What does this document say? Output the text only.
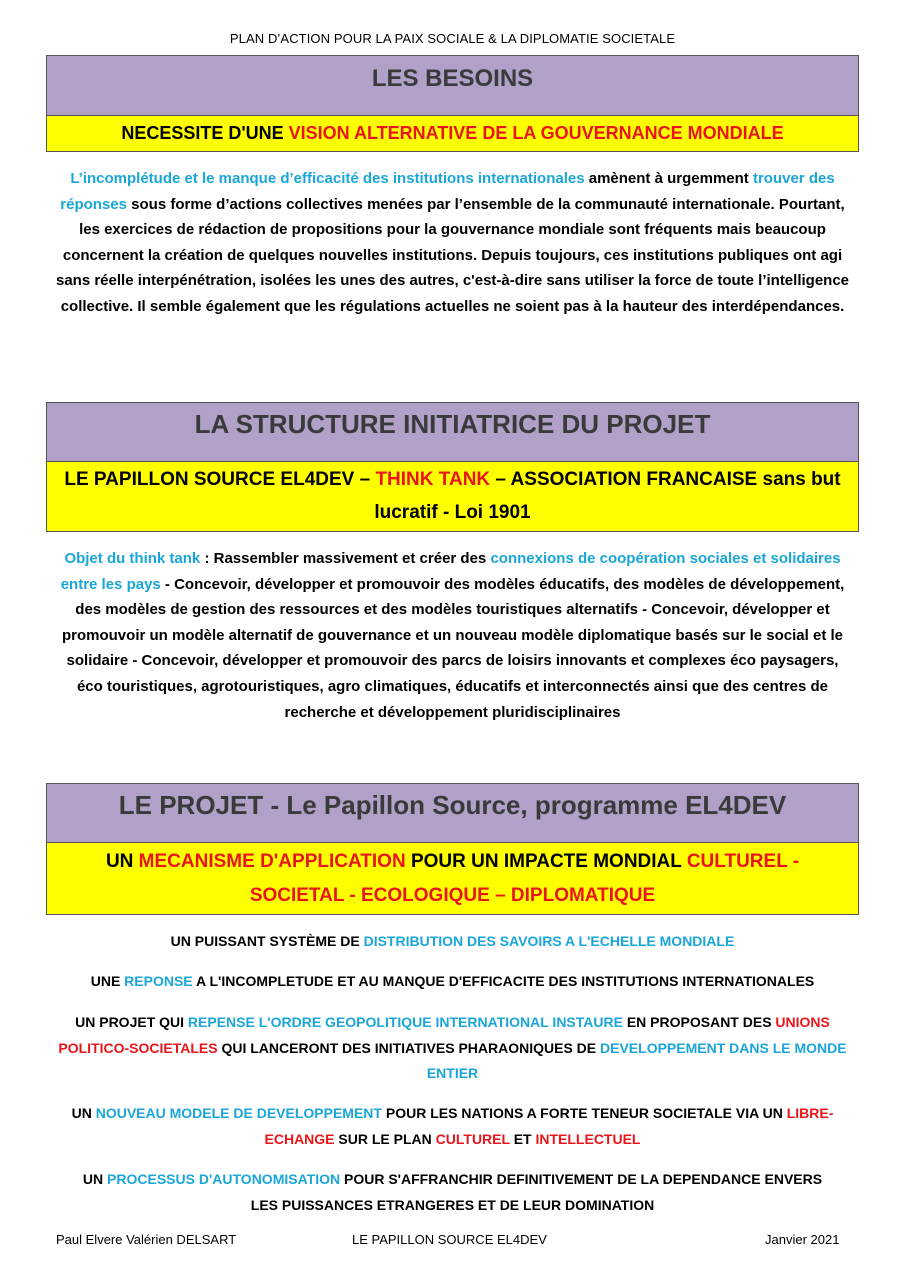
PLAN D’ACTION POUR LA PAIX SOCIALE & LA DIPLOMATIE SOCIETALE
LES BESOINS
NECESSITE D'UNE VISION ALTERNATIVE DE LA GOUVERNANCE MONDIALE
L’incomplétude et le manque d’efficacité des institutions internationales amènent à urgemment trouver des réponses sous forme d’actions collectives menées par l’ensemble de la communauté internationale. Pourtant, les exercices de rédaction de propositions pour la gouvernance mondiale sont fréquents mais beaucoup concernent la création de quelques nouvelles institutions. Depuis toujours, ces institutions publiques ont agi sans réelle interpénétration, isolées les unes des autres, c'est-à-dire sans utiliser la force de toute l’intelligence collective. Il semble également que les régulations actuelles ne soient pas à la hauteur des interdépendances.
LA STRUCTURE INITIATRICE DU PROJET
LE PAPILLON SOURCE EL4DEV – THINK TANK – ASSOCIATION FRANCAISE sans but lucratif - Loi 1901
Objet du think tank : Rassembler massivement et créer des connexions de coopération sociales et solidaires entre les pays - Concevoir, développer et promouvoir des modèles éducatifs, des modèles de développement, des modèles de gestion des ressources et des modèles touristiques alternatifs - Concevoir, développer et promouvoir un modèle alternatif de gouvernance et un nouveau modèle diplomatique basés sur le social et le solidaire - Concevoir, développer et promouvoir des parcs de loisirs innovants et complexes éco paysagers, éco touristiques, agrotouristiques, agro climatiques, éducatifs et interconnectés ainsi que des centres de recherche et développement pluridisciplinaires
LE PROJET - Le Papillon Source, programme EL4DEV
UN MECANISME D'APPLICATION POUR UN IMPACTE MONDIAL CULTUREL - SOCIETAL - ECOLOGIQUE – DIPLOMATIQUE
UN PUISSANT SYSTÈME DE DISTRIBUTION DES SAVOIRS A L'ECHELLE MONDIALE
UNE REPONSE A L'INCOMPLETUDE ET AU MANQUE D'EFFICACITE DES INSTITUTIONS INTERNATIONALES
UN PROJET QUI REPENSE L'ORDRE GEOPOLITIQUE INTERNATIONAL INSTAURE EN PROPOSANT DES UNIONS POLITICO-SOCIETALES QUI LANCERONT DES INITIATIVES PHARAONIQUES DE DEVELOPPEMENT DANS LE MONDE ENTIER
UN NOUVEAU MODELE DE DEVELOPPEMENT POUR LES NATIONS A FORTE TENEUR SOCIETALE VIA UN LIBRE-ECHANGE SUR LE PLAN CULTUREL ET INTELLECTUEL
UN PROCESSUS D'AUTONOMISATION POUR S'AFFRANCHIR DEFINITIVEMENT DE LA DEPENDANCE ENVERS LES PUISSANCES ETRANGERES ET DE LEUR DOMINATION
Paul Elvere Valérien DELSART	LE PAPILLON SOURCE EL4DEV	Janvier 2021
